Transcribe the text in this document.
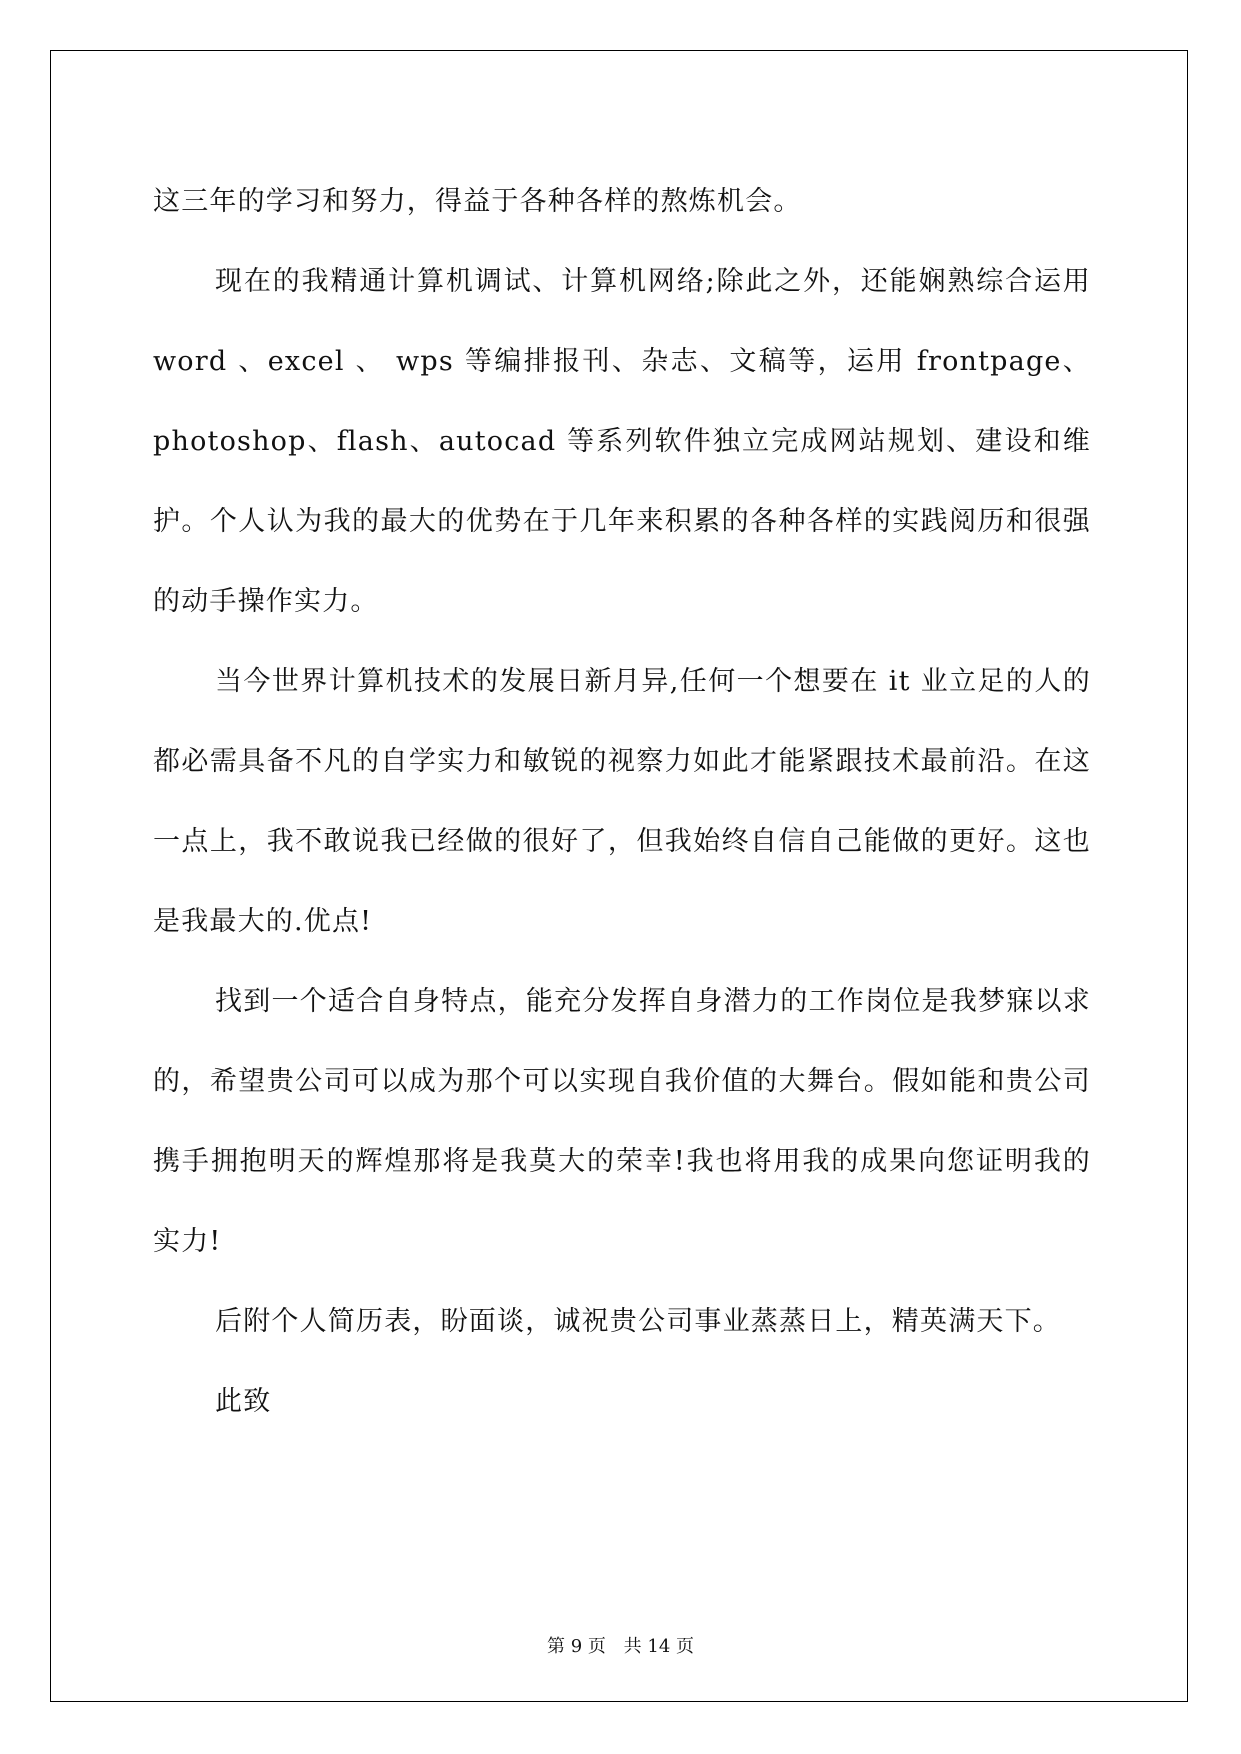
这三年的学习和努力，得益于各种各样的熬炼机会。

现在的我精通计算机调试、计算机网络;除此之外，还能娴熟综合运用 word 、excel 、 wps 等编排报刊、杂志、文稿等，运用 frontpage、photoshop、flash、autocad 等系列软件独立完成网站规划、建设和维护。个人认为我的最大的优势在于几年来积累的各种各样的实践阅历和很强的动手操作实力。

当今世界计算机技术的发展日新月异,任何一个想要在 it 业立足的人的都必需具备不凡的自学实力和敏锐的视察力如此才能紧跟技术最前沿。在这一点上，我不敢说我已经做的很好了，但我始终自信自己能做的更好。这也是我最大的.优点!

找到一个适合自身特点，能充分发挥自身潜力的工作岗位是我梦寐以求的，希望贵公司可以成为那个可以实现自我价值的大舞台。假如能和贵公司携手拥抱明天的辉煌那将是我莫大的荣幸!我也将用我的成果向您证明我的实力!

后附个人简历表，盼面谈，诚祝贵公司事业蒸蒸日上，精英满天下。

此致

第 9 页 共 14 页
